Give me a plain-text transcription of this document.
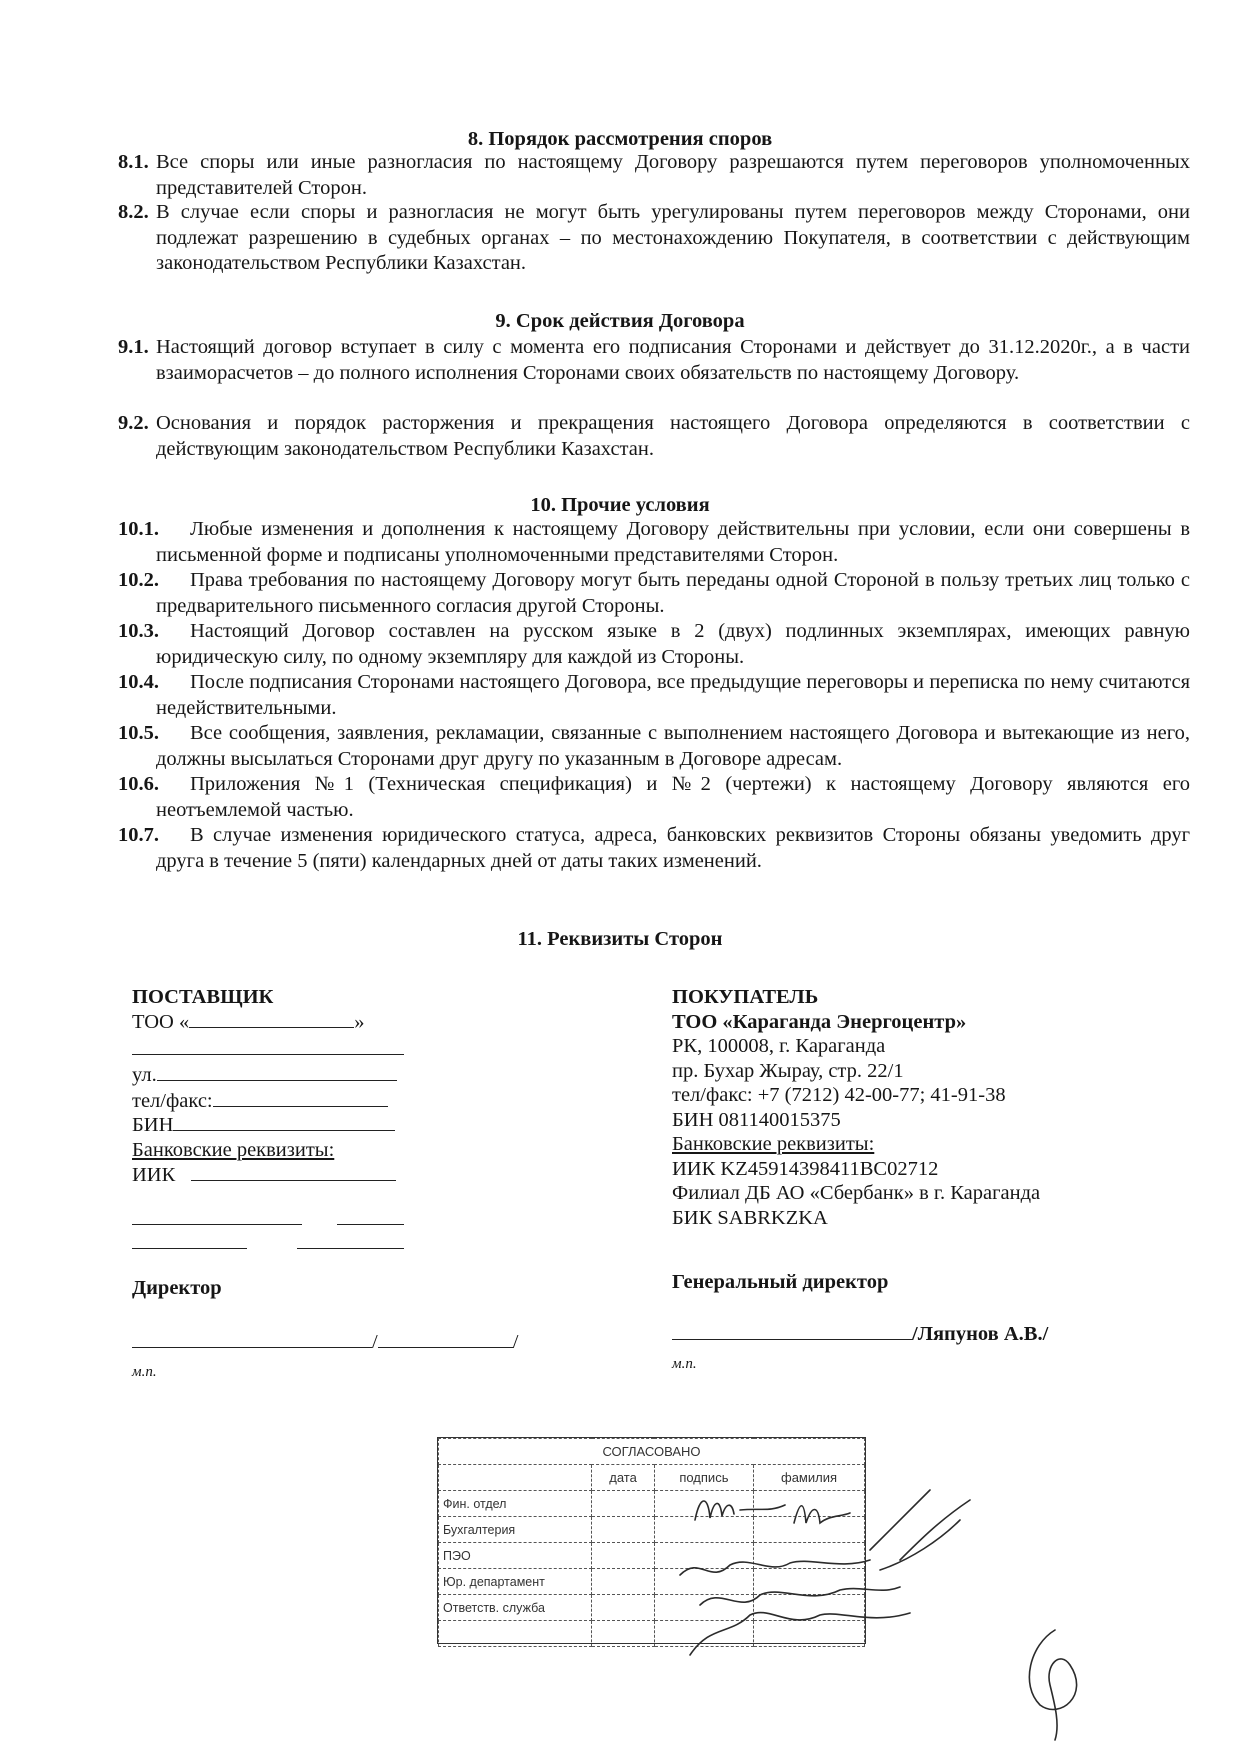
8. Порядок рассмотрения споров
8.1. Все споры или иные разногласия по настоящему Договору разрешаются путем переговоров уполномоченных представителей Сторон.
8.2. В случае если споры и разногласия не могут быть урегулированы путем переговоров между Сторонами, они подлежат разрешению в судебных органах – по местонахождению Покупателя, в соответствии с действующим законодательством Республики Казахстан.
9. Срок действия Договора
9.1. Настоящий договор вступает в силу с момента его подписания Сторонами и действует до 31.12.2020г., а в части взаиморасчетов – до полного исполнения Сторонами своих обязательств по настоящему Договору.
9.2. Основания и порядок расторжения и прекращения настоящего Договора определяются в соответствии с действующим законодательством Республики Казахстан.
10. Прочие условия
10.1.	Любые изменения и дополнения к настоящему Договору действительны при условии, если они совершены в письменной форме и подписаны уполномоченными представителями Сторон.
10.2.	Права требования по настоящему Договору могут быть переданы одной Стороной в пользу третьих лиц только с предварительного письменного согласия другой Стороны.
10.3.	Настоящий Договор составлен на русском языке в 2 (двух) подлинных экземплярах, имеющих равную юридическую силу, по одному экземпляру для каждой из Стороны.
10.4.	После подписания Сторонами настоящего Договора, все предыдущие переговоры и переписка по нему считаются недействительными.
10.5.	Все сообщения, заявления, рекламации, связанные с выполнением настоящего Договора и вытекающие из него, должны высылаться Сторонами друг другу по указанным в Договоре адресам.
10.6.	Приложения №1 (Техническая спецификация) и №2 (чертежи) к настоящему Договору являются его неотъемлемой частью.
10.7.	В случае изменения юридического статуса, адреса, банковских реквизитов Стороны обязаны уведомить друг друга в течение 5 (пяти) календарных дней от даты таких изменений.
11. Реквизиты Сторон
ПОСТАВЩИК
ТОО «	»
ул.
тел/факс:
БИН
Банковские реквизиты:
ИИК
Директор
/	/
м.п.
ПОКУПАТЕЛЬ
ТОО «Караганда Энергоцентр»
РК, 100008, г. Караганда
пр. Бухар Жырау, стр. 22/1
тел/факс: +7 (7212) 42-00-77; 41-91-38
БИН 081140015375
Банковские реквизиты:
ИИК KZ45914398411BC02712
Филиал ДБ АО «Сбербанк» в г. Караганда
БИК SABRKZKA
Генеральный директор
/Ляпунов А.В./
м.п.
СОГЛАСОВАНО			
	дата	подпись	фамилия
Фин. отдел			
Бухгалтерия			
ПЭО			
Юр. департамент			
Ответств. служба			
